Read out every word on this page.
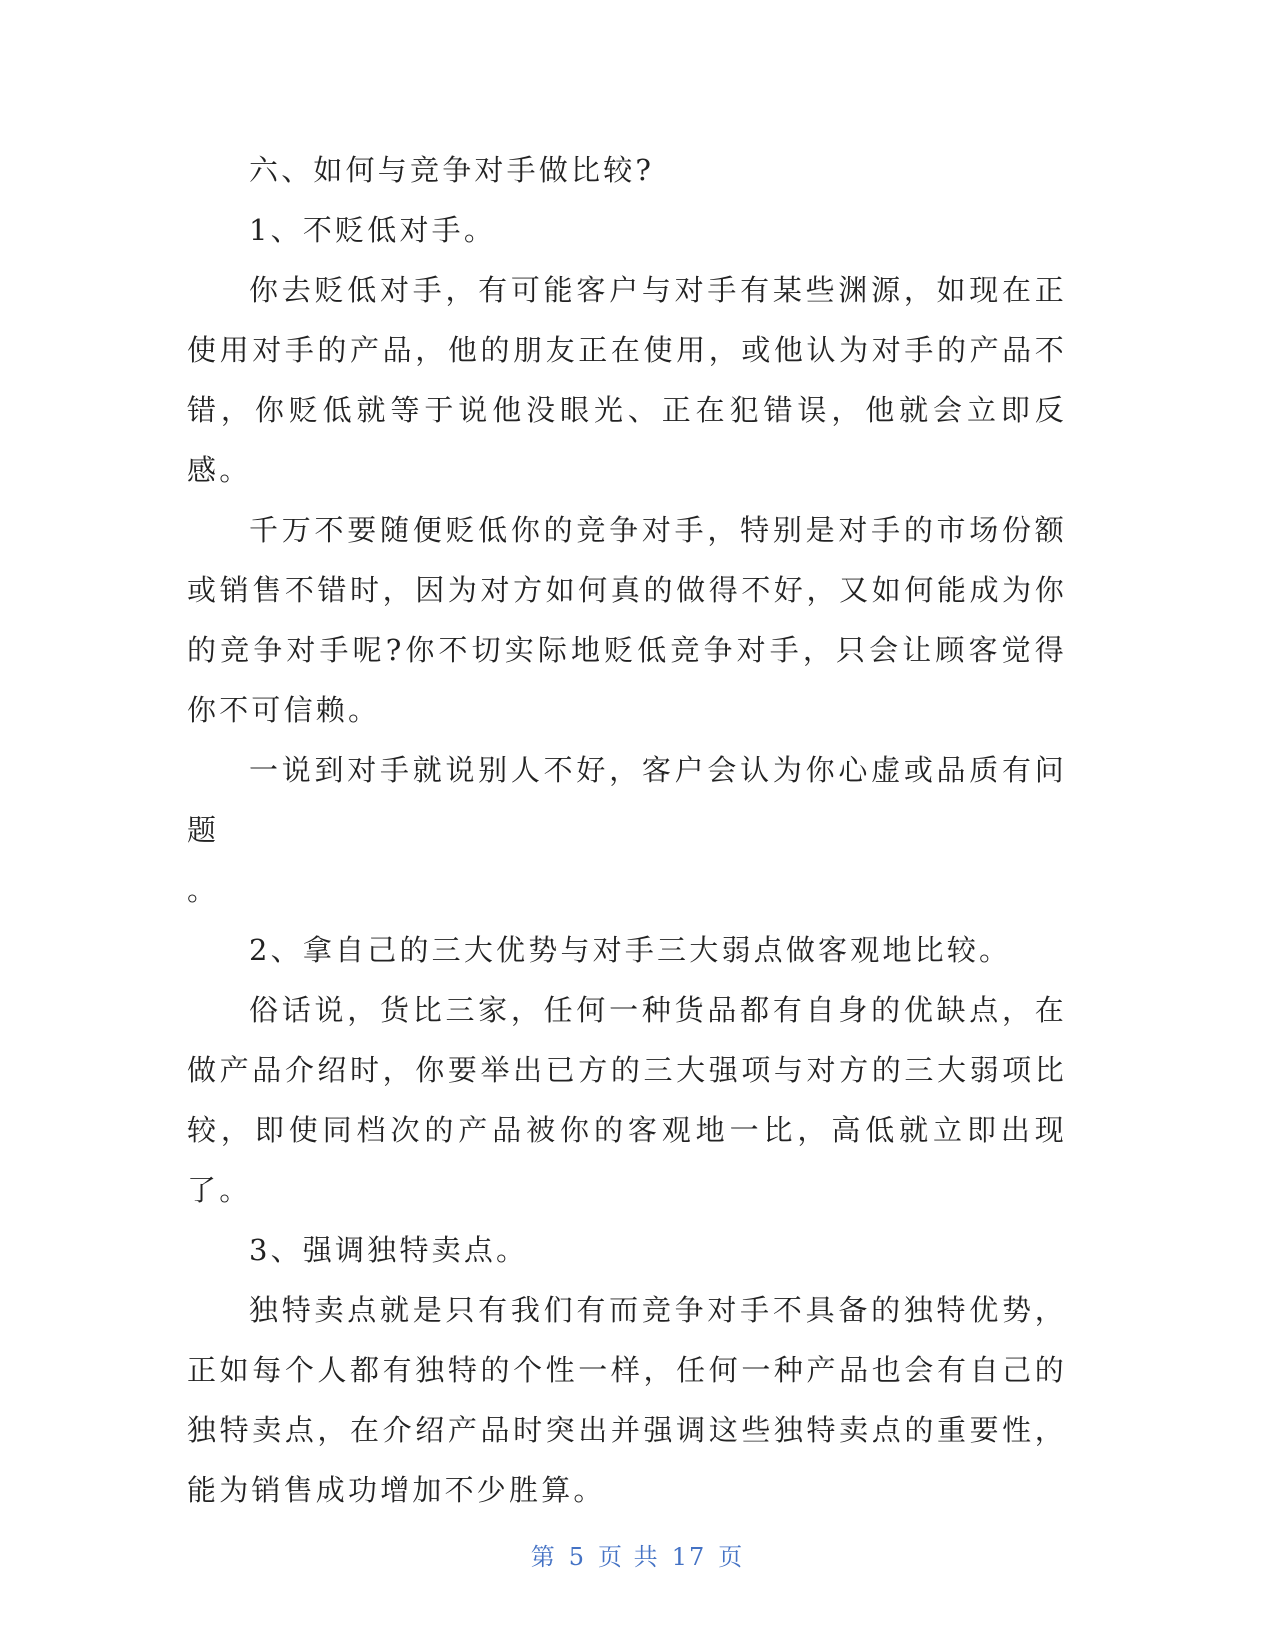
六、如何与竞争对手做比较?

1、不贬低对手。

你去贬低对手，有可能客户与对手有某些渊源，如现在正使用对手的产品，他的朋友正在使用，或他认为对手的产品不错，你贬低就等于说他没眼光、正在犯错误，他就会立即反感。

千万不要随便贬低你的竞争对手，特别是对手的市场份额或销售不错时，因为对方如何真的做得不好，又如何能成为你的竞争对手呢?你不切实际地贬低竞争对手，只会让顾客觉得你不可信赖。

一说到对手就说别人不好，客户会认为你心虚或品质有问题

。

2、拿自己的三大优势与对手三大弱点做客观地比较。

俗话说，货比三家，任何一种货品都有自身的优缺点，在做产品介绍时，你要举出已方的三大强项与对方的三大弱项比较，即使同档次的产品被你的客观地一比，高低就立即出现了。

3、强调独特卖点。

独特卖点就是只有我们有而竞争对手不具备的独特优势，正如每个人都有独特的个性一样，任何一种产品也会有自己的独特卖点，在介绍产品时突出并强调这些独特卖点的重要性，能为销售成功增加不少胜算。

第 5 页 共 17 页
